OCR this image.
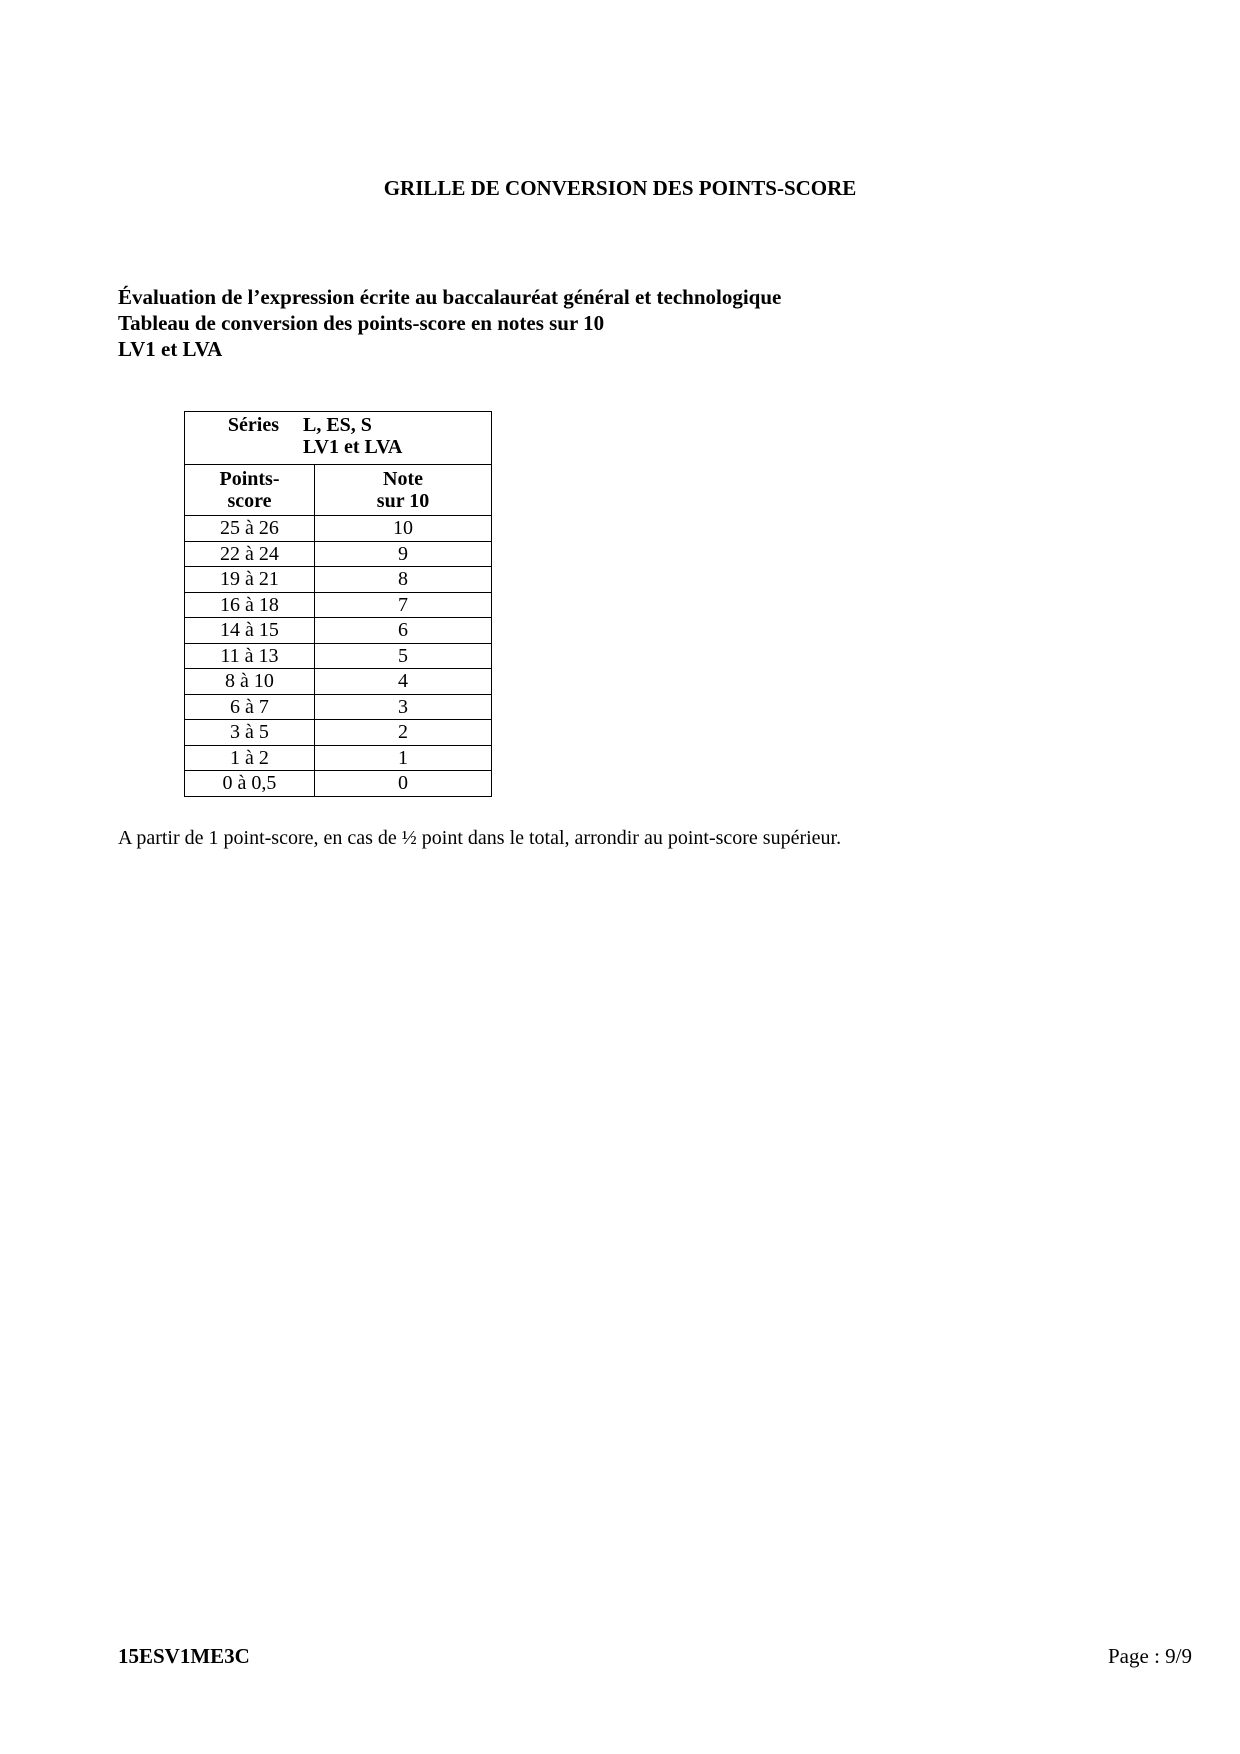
GRILLE DE CONVERSION DES POINTS-SCORE
Évaluation de l’expression écrite au baccalauréat général et technologique
Tableau de conversion des points-score en notes sur 10
LV1 et LVA
Séries L, ES, S
LV1 et LVA	

Points-
score	Note
sur 10

25 à 26	10
22 à 24	9
19 à 21	8
16 à 18	7
14 à 15	6
11 à 13	5
8 à 10	4
6 à 7	3
3 à 5	2
1 à 2	1
0 à 0,5	0
A partir de 1 point-score, en cas de ½ point dans le total, arrondir au point-score supérieur.
15ESV1ME3C	Page : 9/9
